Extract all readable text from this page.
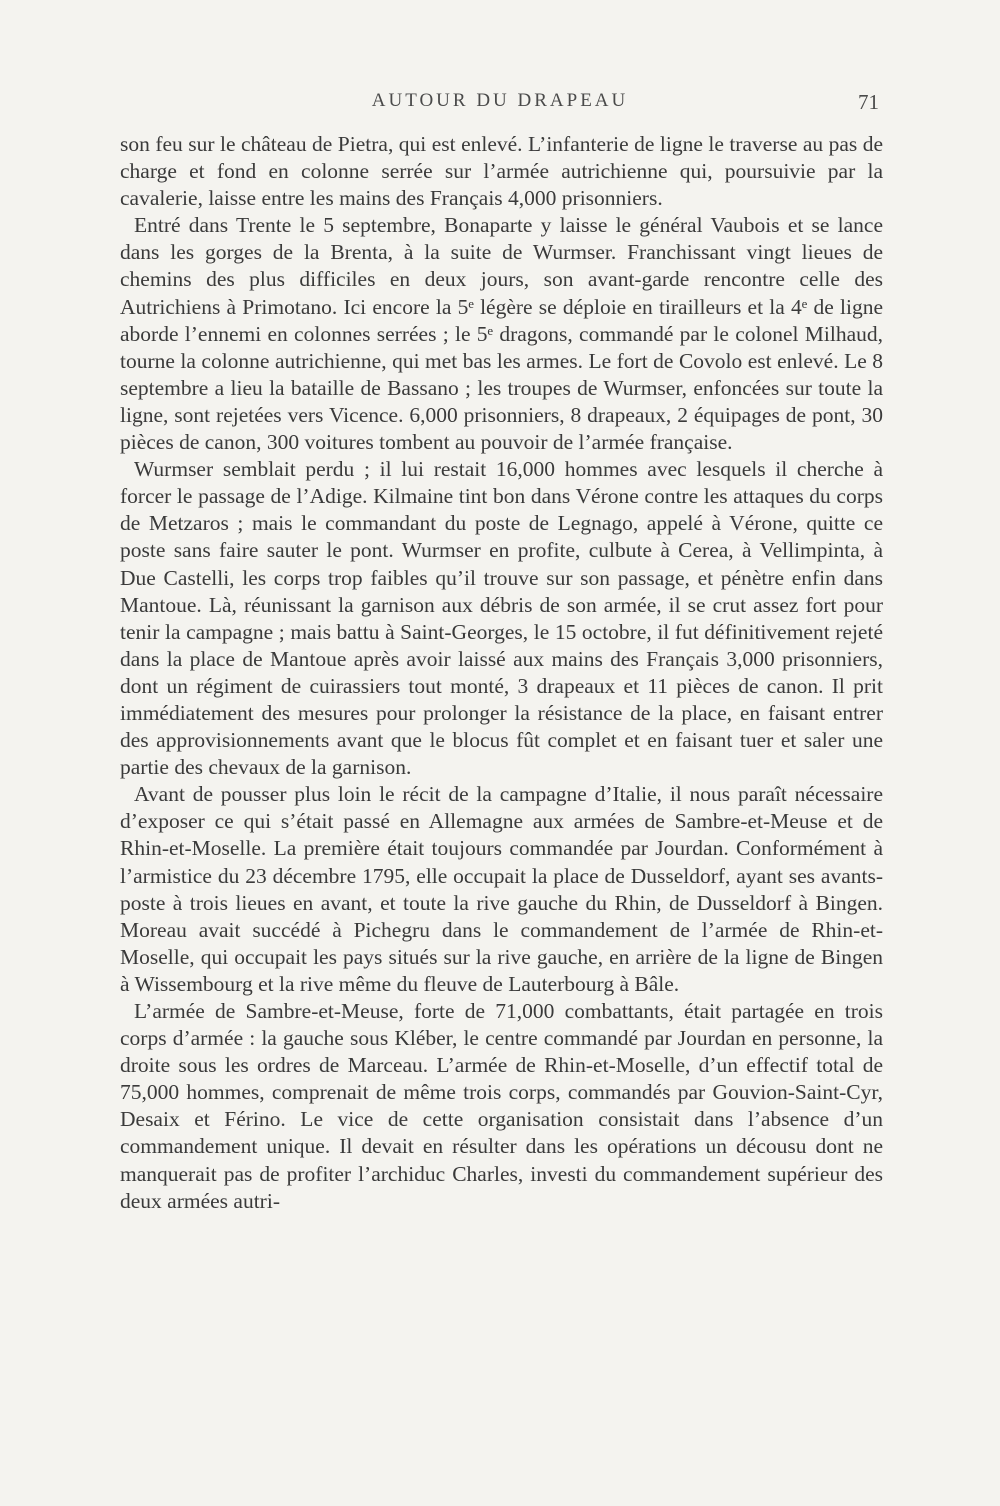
AUTOUR DU DRAPEAU	71

son feu sur le château de Pietra, qui est enlevé. L’infanterie de ligne le traverse au pas de charge et fond en colonne serrée sur l’armée autrichienne qui, poursuivie par la cavalerie, laisse entre les mains des Français 4,000 prisonniers.

Entré dans Trente le 5 septembre, Bonaparte y laisse le général Vaubois et se lance dans les gorges de la Brenta, à la suite de Wurmser. Franchissant vingt lieues de chemins des plus difficiles en deux jours, son avant-garde rencontre celle des Autrichiens à Primotano. Ici encore la 5ᵉ légère se déploie en tirailleurs et la 4ᵉ de ligne aborde l’ennemi en colonnes serrées ; le 5ᵉ dragons, commandé par le colonel Milhaud, tourne la colonne autrichienne, qui met bas les armes. Le fort de Covolo est enlevé. Le 8 septembre a lieu la bataille de Bassano ; les troupes de Wurmser, enfoncées sur toute la ligne, sont rejetées vers Vicence. 6,000 prisonniers, 8 drapeaux, 2 équipages de pont, 30 pièces de canon, 300 voitures tombent au pouvoir de l’armée française.

Wurmser semblait perdu ; il lui restait 16,000 hommes avec lesquels il cherche à forcer le passage de l’Adige. Kilmaine tint bon dans Vérone contre les attaques du corps de Metzaros ; mais le commandant du poste de Legnago, appelé à Vérone, quitte ce poste sans faire sauter le pont. Wurmser en profite, culbute à Cerea, à Vellimpinta, à Due Castelli, les corps trop faibles qu’il trouve sur son passage, et pénètre enfin dans Mantoue. Là, réunissant la garnison aux débris de son armée, il se crut assez fort pour tenir la campagne ; mais battu à Saint-Georges, le 15 octobre, il fut définitivement rejeté dans la place de Mantoue après avoir laissé aux mains des Français 3,000 prisonniers, dont un régiment de cuirassiers tout monté, 3 drapeaux et 11 pièces de canon. Il prit immédiatement des mesures pour prolonger la résistance de la place, en faisant entrer des approvisionnements avant que le blocus fût complet et en faisant tuer et saler une partie des chevaux de la garnison.

Avant de pousser plus loin le récit de la campagne d’Italie, il nous paraît nécessaire d’exposer ce qui s’était passé en Allemagne aux armées de Sambre-et-Meuse et de Rhin-et-Moselle. La première était toujours commandée par Jourdan. Conformément à l’armistice du 23 décembre 1795, elle occupait la place de Dusseldorf, ayant ses avants-poste à trois lieues en avant, et toute la rive gauche du Rhin, de Dusseldorf à Bingen. Moreau avait succédé à Pichegru dans le commandement de l’armée de Rhin-et-Moselle, qui occupait les pays situés sur la rive gauche, en arrière de la ligne de Bingen à Wissembourg et la rive même du fleuve de Lauterbourg à Bâle.

L’armée de Sambre-et-Meuse, forte de 71,000 combattants, était partagée en trois corps d’armée : la gauche sous Kléber, le centre commandé par Jourdan en personne, la droite sous les ordres de Marceau. L’armée de Rhin-et-Moselle, d’un effectif total de 75,000 hommes, comprenait de même trois corps, commandés par Gouvion-Saint-Cyr, Desaix et Férino. Le vice de cette organisation consistait dans l’absence d’un commandement unique. Il devait en résulter dans les opérations un décousu dont ne manquerait pas de profiter l’archiduc Charles, investi du commandement supérieur des deux armées autri-
